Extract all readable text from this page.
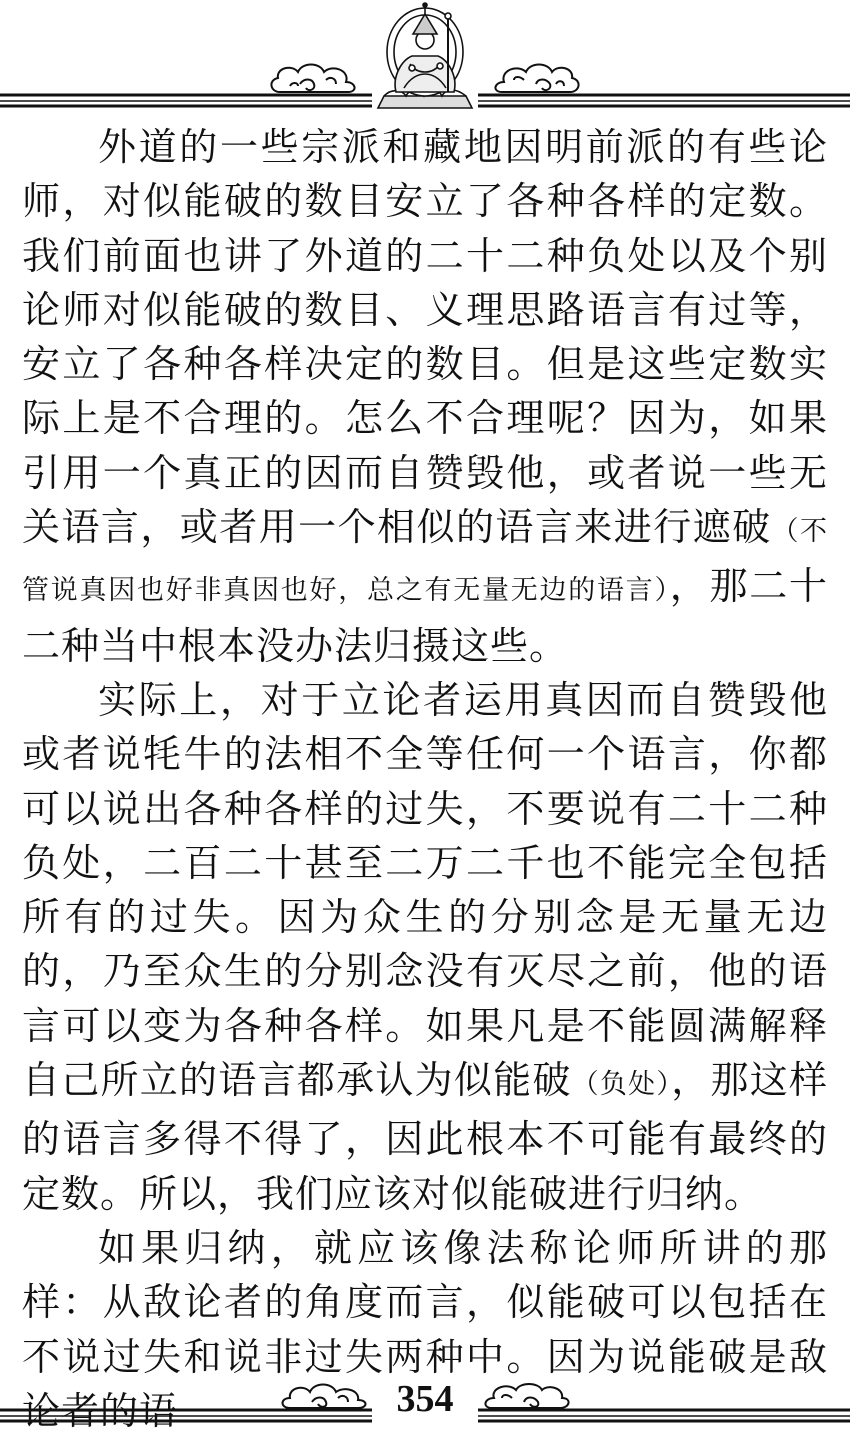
外道的一些宗派和藏地因明前派的有些论师，对似能破的数目安立了各种各样的定数。我们前面也讲了外道的二十二种负处以及个别论师对似能破的数目、义理思路语言有过等，安立了各种各样决定的数目。但是这些定数实际上是不合理的。怎么不合理呢？因为，如果引用一个真正的因而自赞毁他，或者说一些无关语言，或者用一个相似的语言来进行遮破（不管说真因也好非真因也好，总之有无量无边的语言），那二十二种当中根本没办法归摄这些。

实际上，对于立论者运用真因而自赞毁他或者说牦牛的法相不全等任何一个语言，你都可以说出各种各样的过失，不要说有二十二种负处，二百二十甚至二万二千也不能完全包括所有的过失。因为众生的分别念是无量无边的，乃至众生的分别念没有灭尽之前，他的语言可以变为各种各样。如果凡是不能圆满解释自己所立的语言都承认为似能破（负处），那这样的语言多得不得了，因此根本不可能有最终的定数。所以，我们应该对似能破进行归纳。

如果归纳，就应该像法称论师所讲的那样：从敌论者的角度而言，似能破可以包括在不说过失和说非过失两种中。因为说能破是敌论者的语	354
